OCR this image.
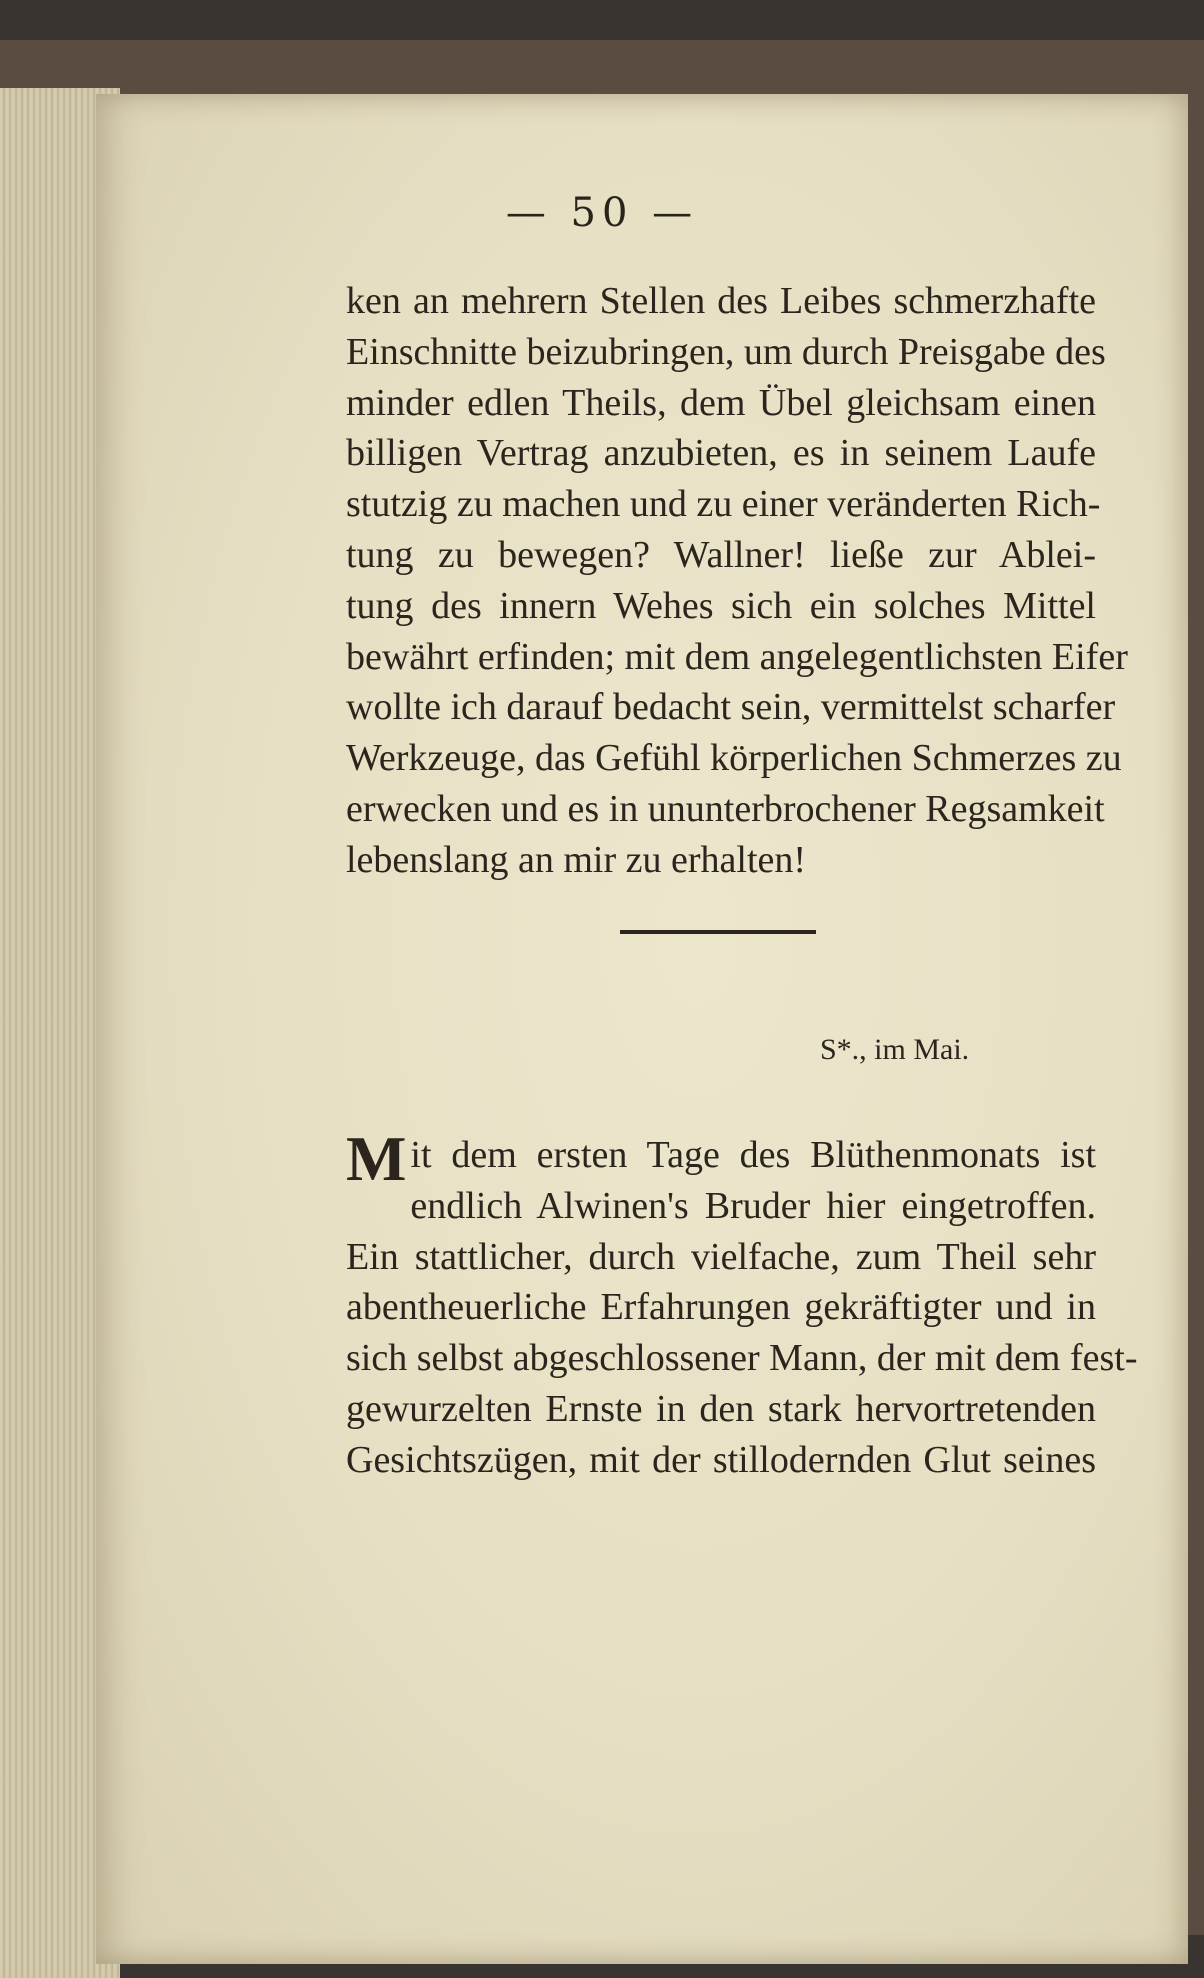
— 50 —
ken an mehrern Stellen des Leibes schmerzhafte
Einschnitte beizubringen, um durch Preisgabe des
minder edlen Theils, dem Übel gleichsam einen
billigen Vertrag anzubieten, es in seinem Laufe
stutzig zu machen und zu einer veränderten Rich-
tung zu bewegen? Wallner! ließe zur Ablei-
tung des innern Wehes sich ein solches Mittel
bewährt erfinden; mit dem angelegentlichsten Eifer
wollte ich darauf bedacht sein, vermittelst scharfer
Werkzeuge, das Gefühl körperlichen Schmerzes zu
erwecken und es in ununterbrochener Regsamkeit
lebenslang an mir zu erhalten!
S*., im Mai.
Mit dem ersten Tage des Blüthenmonats ist
endlich Alwinen's Bruder hier eingetroffen.
Ein stattlicher, durch vielfache, zum Theil sehr
abentheuerliche Erfahrungen gekräftigter und in
sich selbst abgeschlossener Mann, der mit dem fest-
gewurzelten Ernste in den stark hervortretenden
Gesichtszügen, mit der stillodernden Glut seines
